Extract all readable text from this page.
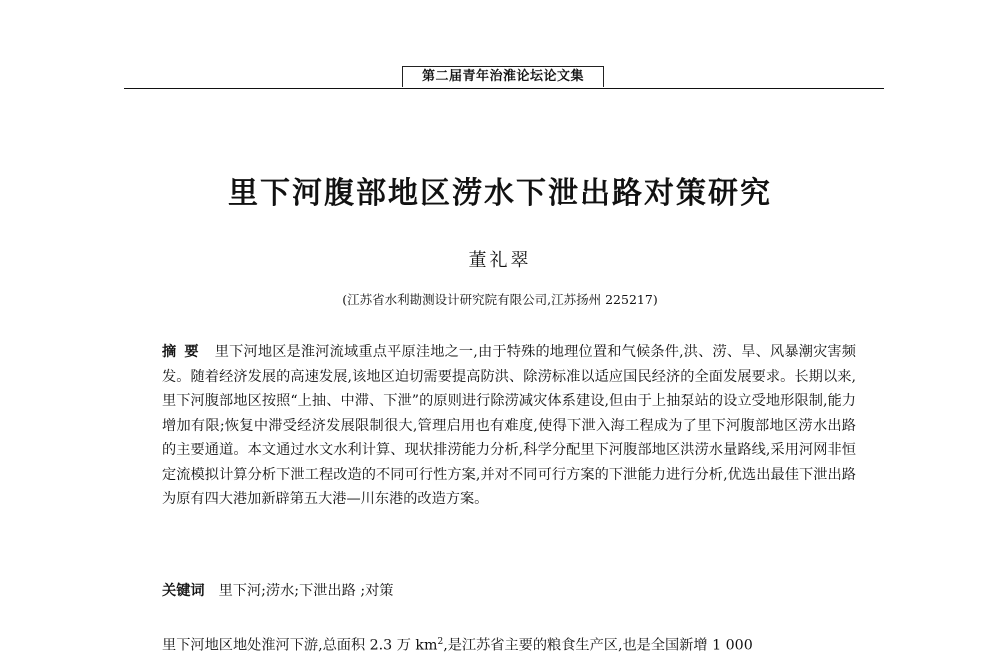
第二届青年治淮论坛论文集
里下河腹部地区涝水下泄出路对策研究
董礼翠
(江苏省水利勘测设计研究院有限公司,江苏扬州 225217)
摘要 里下河地区是淮河流域重点平原洼地之一,由于特殊的地理位置和气候条件,洪、涝、旱、风暴潮灾害频发。随着经济发展的高速发展,该地区迫切需要提高防洪、除涝标准以适应国民经济的全面发展要求。长期以来,里下河腹部地区按照“上抽、中滞、下泄”的原则进行除涝减灾体系建设,但由于上抽泵站的设立受地形限制,能力增加有限;恢复中滞受经济发展限制很大,管理启用也有难度,使得下泄入海工程成为了里下河腹部地区涝水出路的主要通道。本文通过水文水利计算、现状排涝能力分析,科学分配里下河腹部地区洪涝水量路线,采用河网非恒定流模拟计算分析下泄工程改造的不同可行性方案,并对不同可行方案的下泄能力进行分析,优选出最佳下泄出路为原有四大港加新辟第五大港—川东港的改造方案。
关键词 里下河;涝水;下泄出路 ;对策
里下河地区地处淮河下游,总面积 2.3 万 $km^2$,是江苏省主要的粮食生产区,也是全国新增 1 000
